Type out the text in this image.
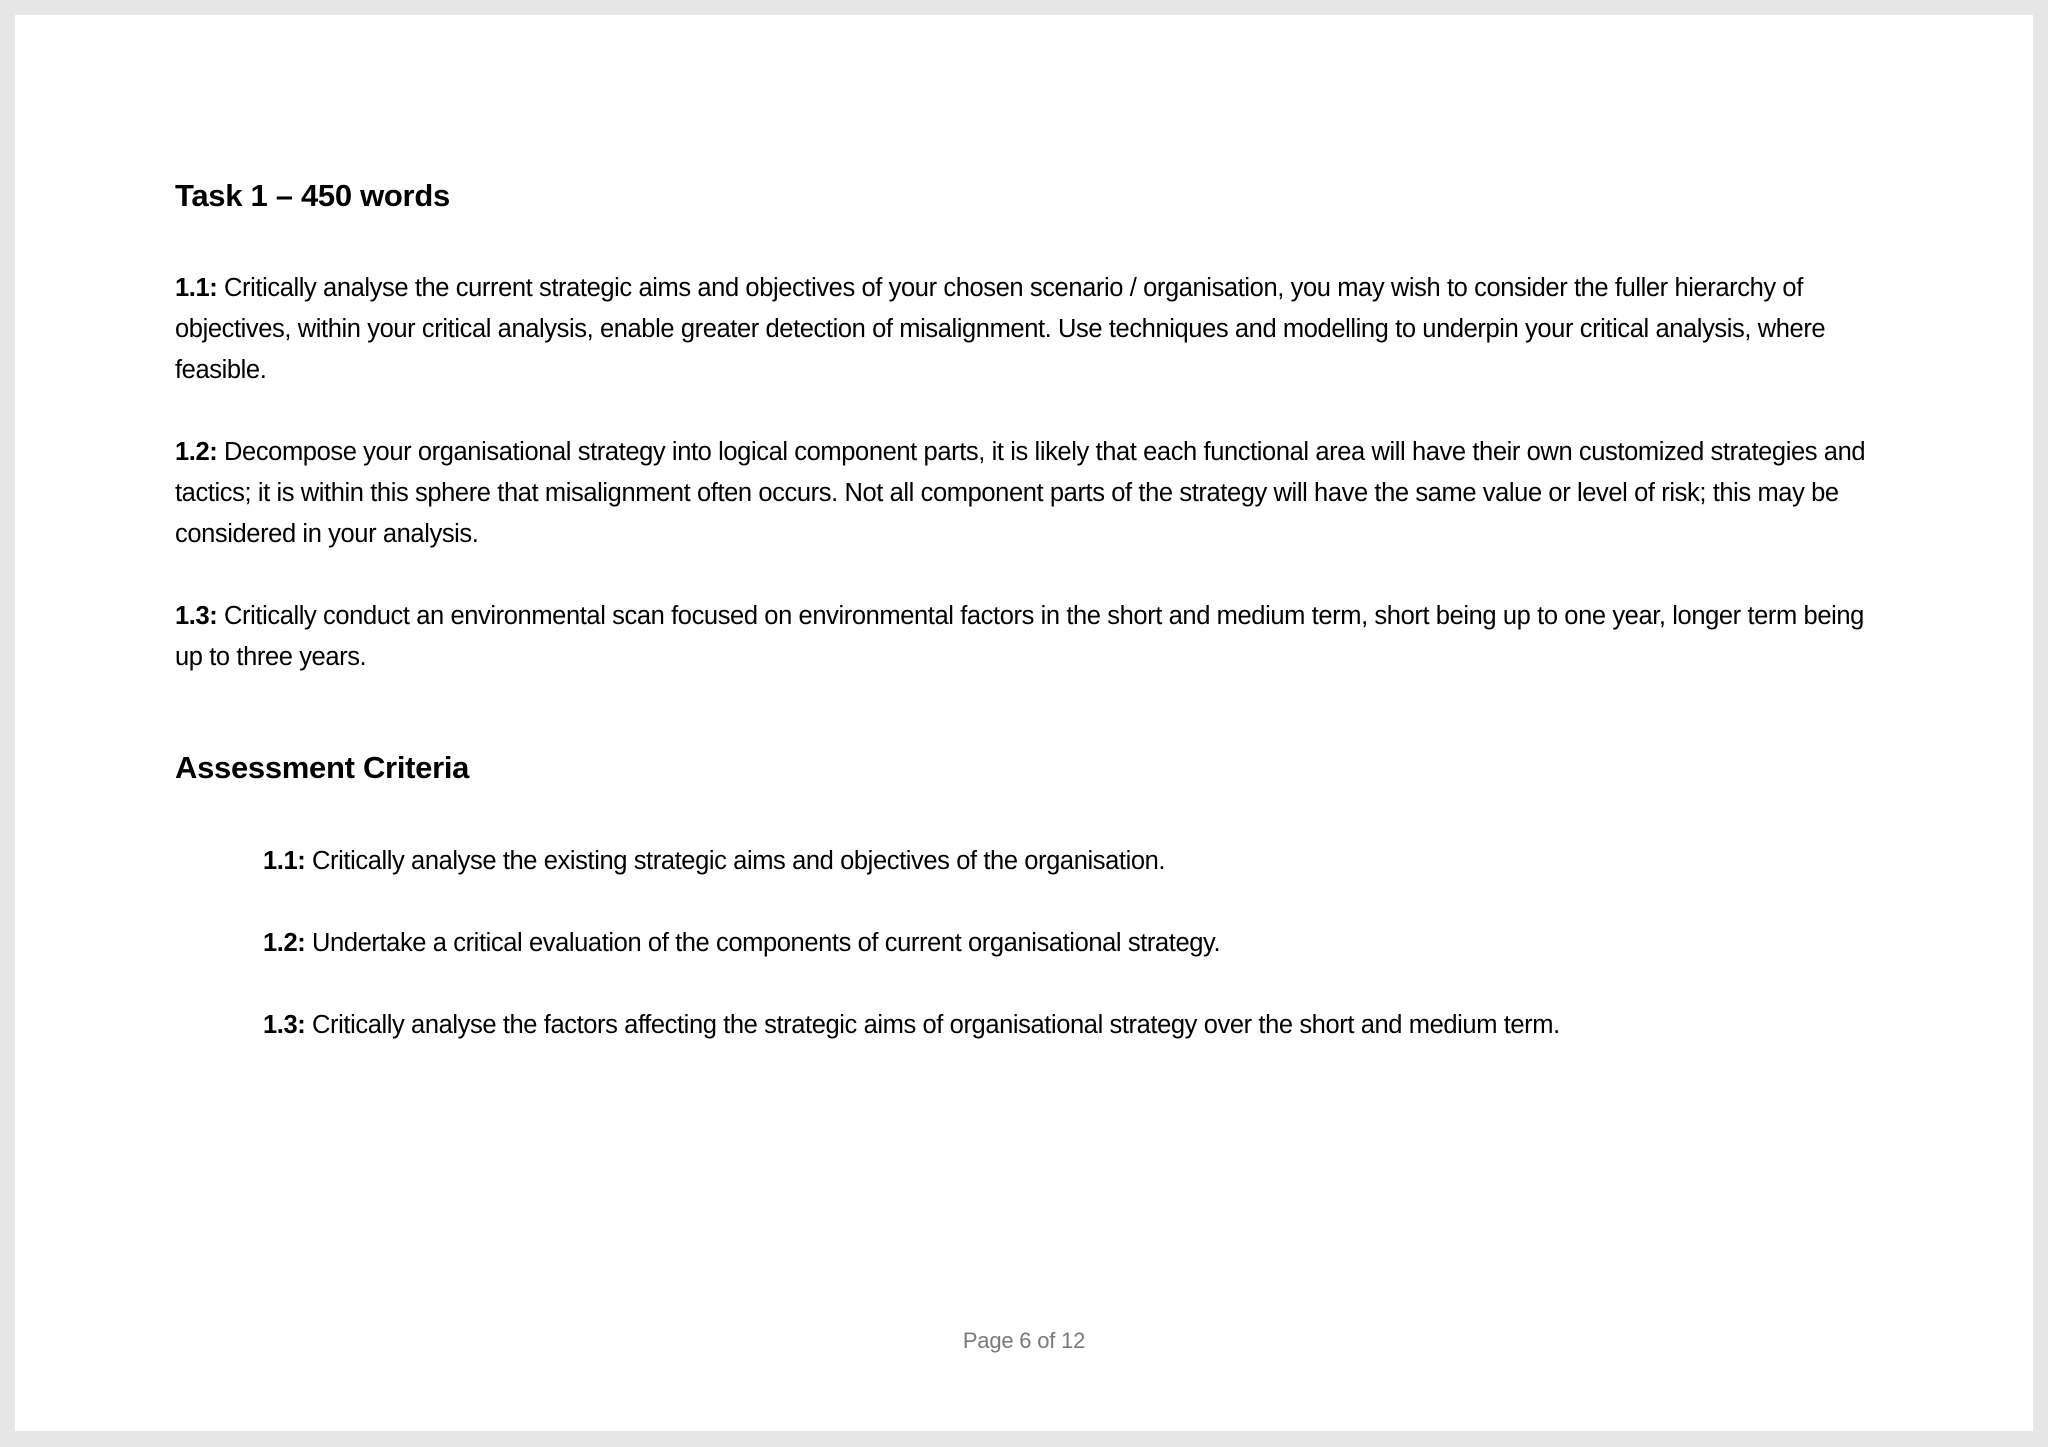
Task 1 – 450 words
1.1: Critically analyse the current strategic aims and objectives of your chosen scenario / organisation, you may wish to consider the fuller hierarchy of objectives, within your critical analysis, enable greater detection of misalignment. Use techniques and modelling to underpin your critical analysis, where feasible.
1.2: Decompose your organisational strategy into logical component parts, it is likely that each functional area will have their own customized strategies and tactics; it is within this sphere that misalignment often occurs. Not all component parts of the strategy will have the same value or level of risk; this may be considered in your analysis.
1.3: Critically conduct an environmental scan focused on environmental factors in the short and medium term, short being up to one year, longer term being up to three years.
Assessment Criteria
1.1: Critically analyse the existing strategic aims and objectives of the organisation.
1.2: Undertake a critical evaluation of the components of current organisational strategy.
1.3: Critically analyse the factors affecting the strategic aims of organisational strategy over the short and medium term.
Page 6 of 12
